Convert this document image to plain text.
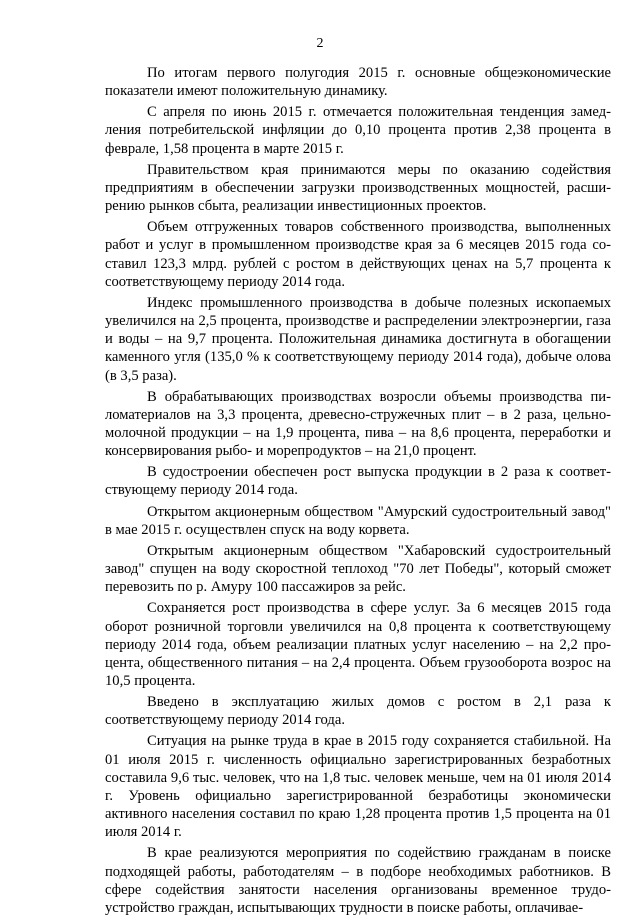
2

По итогам первого полугодия 2015 г. основные общеэкономические показатели имеют положительную динамику.

С апреля по июнь 2015 г. отмечается положительная тенденция замедления потребительской инфляции до 0,10 процента против 2,38 процента в феврале, 1,58 процента в марте 2015 г.

Правительством края принимаются меры по оказанию содействия предприятиям в обеспечении загрузки производственных мощностей, расширению рынков сбыта, реализации инвестиционных проектов.

Объем отгруженных товаров собственного производства, выполненных работ и услуг в промышленном производстве края за 6 месяцев 2015 года составил 123,3 млрд. рублей с ростом в действующих ценах на 5,7 процента к соответствующему периоду 2014 года.

Индекс промышленного производства в добыче полезных ископаемых увеличился на 2,5 процента, производстве и распределении электроэнергии, газа и воды – на 9,7 процента. Положительная динамика достигнута в обогащении каменного угля (135,0 % к соответствующему периоду 2014 года), добыче олова (в 3,5 раза).

В обрабатывающих производствах возросли объемы производства пиломатериалов на 3,3 процента, древесно-стружечных плит – в 2 раза, цельномолочной продукции – на 1,9 процента, пива – на 8,6 процента, переработки и консервирования рыбо- и морепродуктов – на 21,0 процент.

В судостроении обеспечен рост выпуска продукции в 2 раза к соответствующему периоду 2014 года.

Открытом акционерным обществом "Амурский судостроительный завод" в мае 2015 г. осуществлен спуск на воду корвета.

Открытым акционерным обществом "Хабаровский судостроительный завод" спущен на воду скоростной теплоход "70 лет Победы", который сможет перевозить по р. Амуру 100 пассажиров за рейс.

Сохраняется рост производства в сфере услуг. За 6 месяцев 2015 года оборот розничной торговли увеличился на 0,8 процента к соответствующему периоду 2014 года, объем реализации платных услуг населению – на 2,2 процента, общественного питания – на 2,4 процента. Объем грузооборота возрос на 10,5 процента.

Введено в эксплуатацию жилых домов с ростом в 2,1 раза к соответствующему периоду 2014 года.

Ситуация на рынке труда в крае в 2015 году сохраняется стабильной. На 01 июля 2015 г. численность официально зарегистрированных безработных составила 9,6 тыс. человек, что на 1,8 тыс. человек меньше, чем на 01 июля 2014 г. Уровень официально зарегистрированной безработицы экономически активного населения составил по краю 1,28 процента против 1,5 процента на 01 июля 2014 г.

В крае реализуются мероприятия по содействию гражданам в поиске подходящей работы, работодателям – в подборе необходимых работников. В сфере содействия занятости населения организованы временное трудоустройство граждан, испытывающих трудности в поиске работы, оплачивае-
